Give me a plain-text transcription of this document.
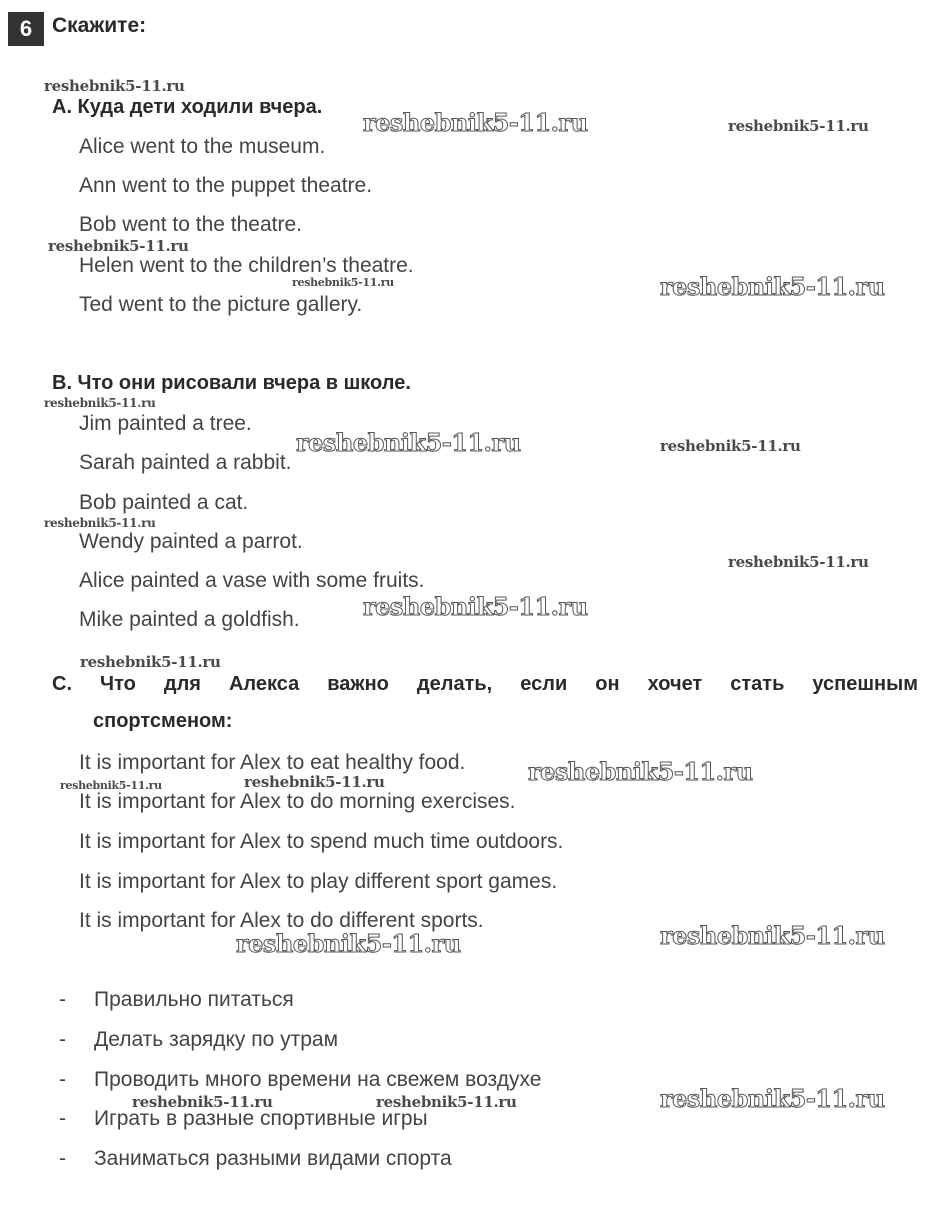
6 Скажите:
A. Куда дети ходили вчера.
Alice went to the museum.
Ann went to the puppet theatre.
Bob went to the theatre.
Helen went to the children’s theatre.
Ted went to the picture gallery.
B. Что они рисовали вчера в школе.
Jim painted a tree.
Sarah painted a rabbit.
Bob painted a cat.
Wendy painted a parrot.
Alice painted a vase with some fruits.
Mike painted a goldfish.
C. Что для Алекса важно делать, если он хочет стать успешным
спортсменом:
It is important for Alex to eat healthy food.
It is important for Alex to do morning exercises.
It is important for Alex to spend much time outdoors.
It is important for Alex to play different sport games.
It is important for Alex to do different sports.
- Правильно питаться
- Делать зарядку по утрам
- Проводить много времени на свежем воздухе
- Играть в разные спортивные игры
- Заниматься разными видами спорта
reshebnik5-11.ru
reshebnik5-11.ru	reshebnik5-11.ru
reshebnik5-11.ru
reshebnik5-11.ru	reshebnik5-11.ru
reshebnik5-11.ru
reshebnik5-11.ru	reshebnik5-11.ru
reshebnik5-11.ru
reshebnik5-11.ru
reshebnik5-11.ru
reshebnik5-11.ru
reshebnik5-11.ru
reshebnik5-11.ru
reshebnik5-11.ru
reshebnik5-11.ru	reshebnik5-11.ru
reshebnik5-11.ru
reshebnik5-11.ru	reshebnik5-11.ru
